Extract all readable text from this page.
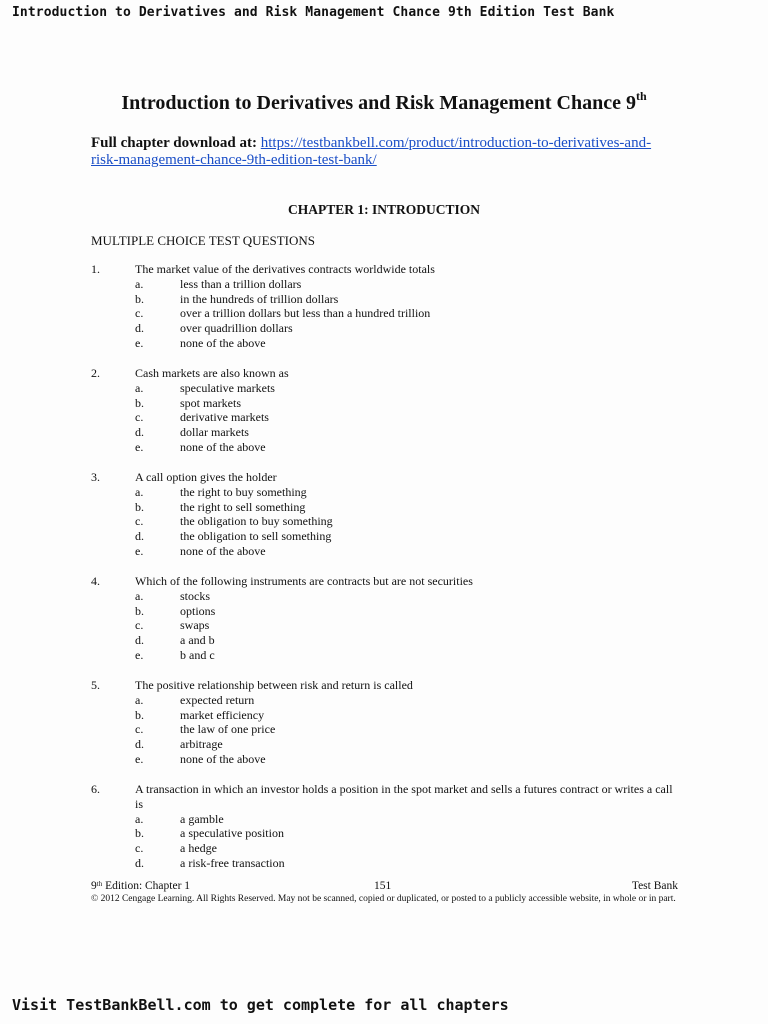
Introduction to Derivatives and Risk Management Chance 9th Edition Test Bank
Introduction to Derivatives and Risk Management Chance 9th
Full chapter download at: https://testbankbell.com/product/introduction-to-derivatives-and-
risk-management-chance-9th-edition-test-bank/
CHAPTER 1: INTRODUCTION
MULTIPLE CHOICE TEST QUESTIONS
1.	The market value of the derivatives contracts worldwide totals
a.	less than a trillion dollars
b.	in the hundreds of trillion dollars
c.	over a trillion dollars but less than a hundred trillion
d.	over quadrillion dollars
e.	none of the above
2.	Cash markets are also known as
a.	speculative markets
b.	spot markets
c.	derivative markets
d.	dollar markets
e.	none of the above
3.	A call option gives the holder
a.	the right to buy something
b.	the right to sell something
c.	the obligation to buy something
d.	the obligation to sell something
e.	none of the above
4.	Which of the following instruments are contracts but are not securities
a.	stocks
b.	options
c.	swaps
d.	a and b
e.	b and c
5.	The positive relationship between risk and return is called
a.	expected return
b.	market efficiency
c.	the law of one price
d.	arbitrage
e.	none of the above
6.	A transaction in which an investor holds a position in the spot market and sells a futures contract or writes a call is
a.	a gamble
b.	a speculative position
c.	a hedge
d.	a risk-free transaction
9th Edition: Chapter 1	151	Test Bank
© 2012 Cengage Learning. All Rights Reserved. May not be scanned, copied or duplicated, or posted to a publicly accessible website, in whole or in part.
Visit TestBankBell.com to get complete for all chapters
